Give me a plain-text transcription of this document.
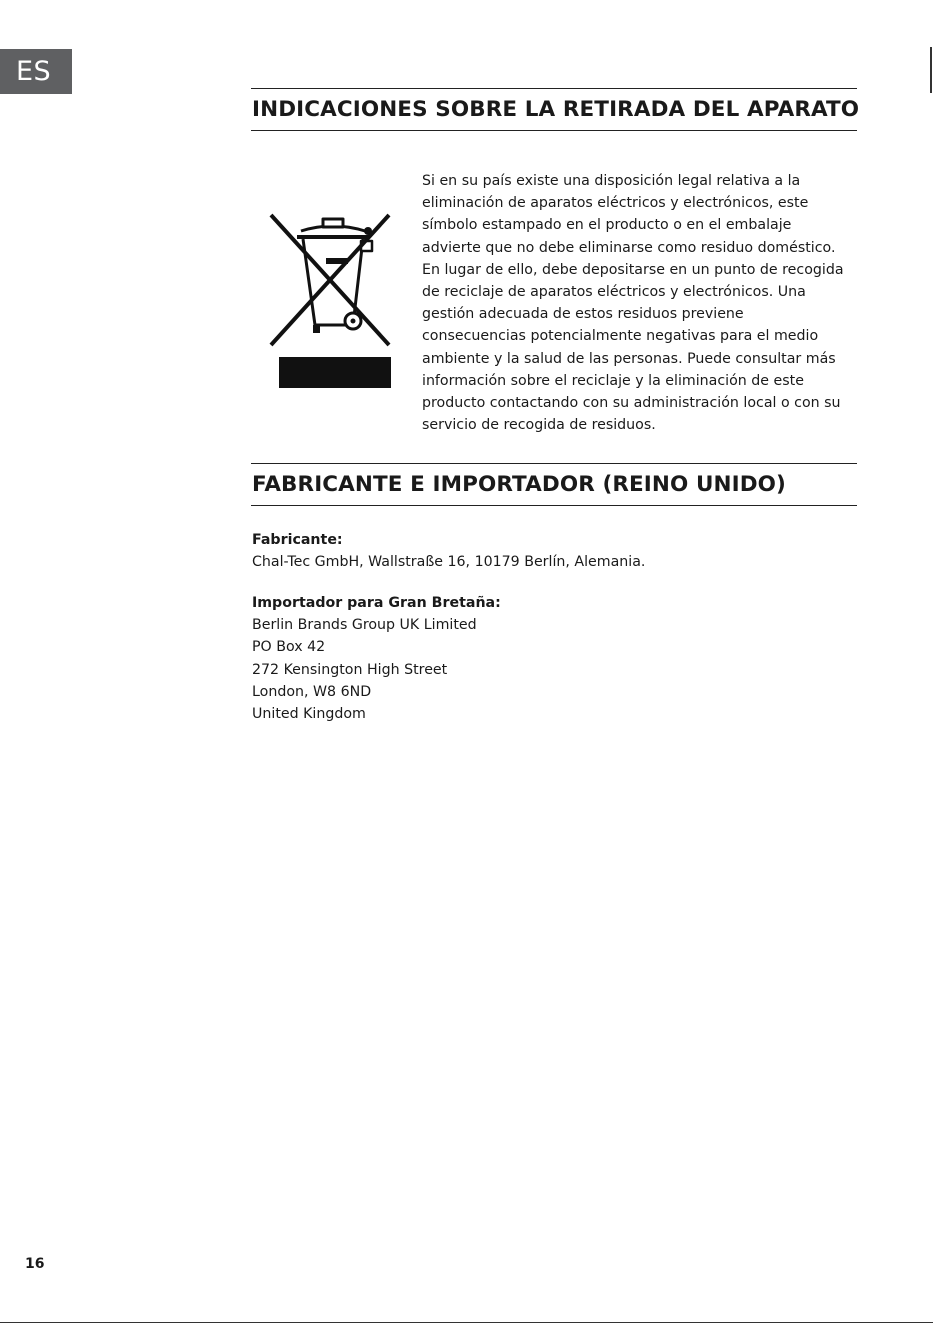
ES
INDICACIONES SOBRE LA RETIRADA DEL APARATO

Si en su país existe una disposición legal relativa a la eliminación de aparatos eléctricos y electrónicos, este símbolo estampado en el producto o en el embalaje advierte que no debe eliminarse como residuo doméstico. En lugar de ello, debe depositarse en un punto de recogida de reciclaje de aparatos eléctricos y electrónicos. Una gestión adecuada de estos residuos previene consecuencias potencialmente negativas para el medio ambiente y la salud de las personas. Puede consultar más información sobre el reciclaje y la eliminación de este producto contactando con su administración local o con su servicio de recogida de residuos.

FABRICANTE E IMPORTADOR (REINO UNIDO)
Fabricante:
Chal-Tec GmbH, Wallstraße 16, 10179 Berlín, Alemania.
Importador para Gran Bretaña:
Berlin Brands Group UK Limited
PO Box 42
272 Kensington High Street
London, W8 6ND
United Kingdom
16
